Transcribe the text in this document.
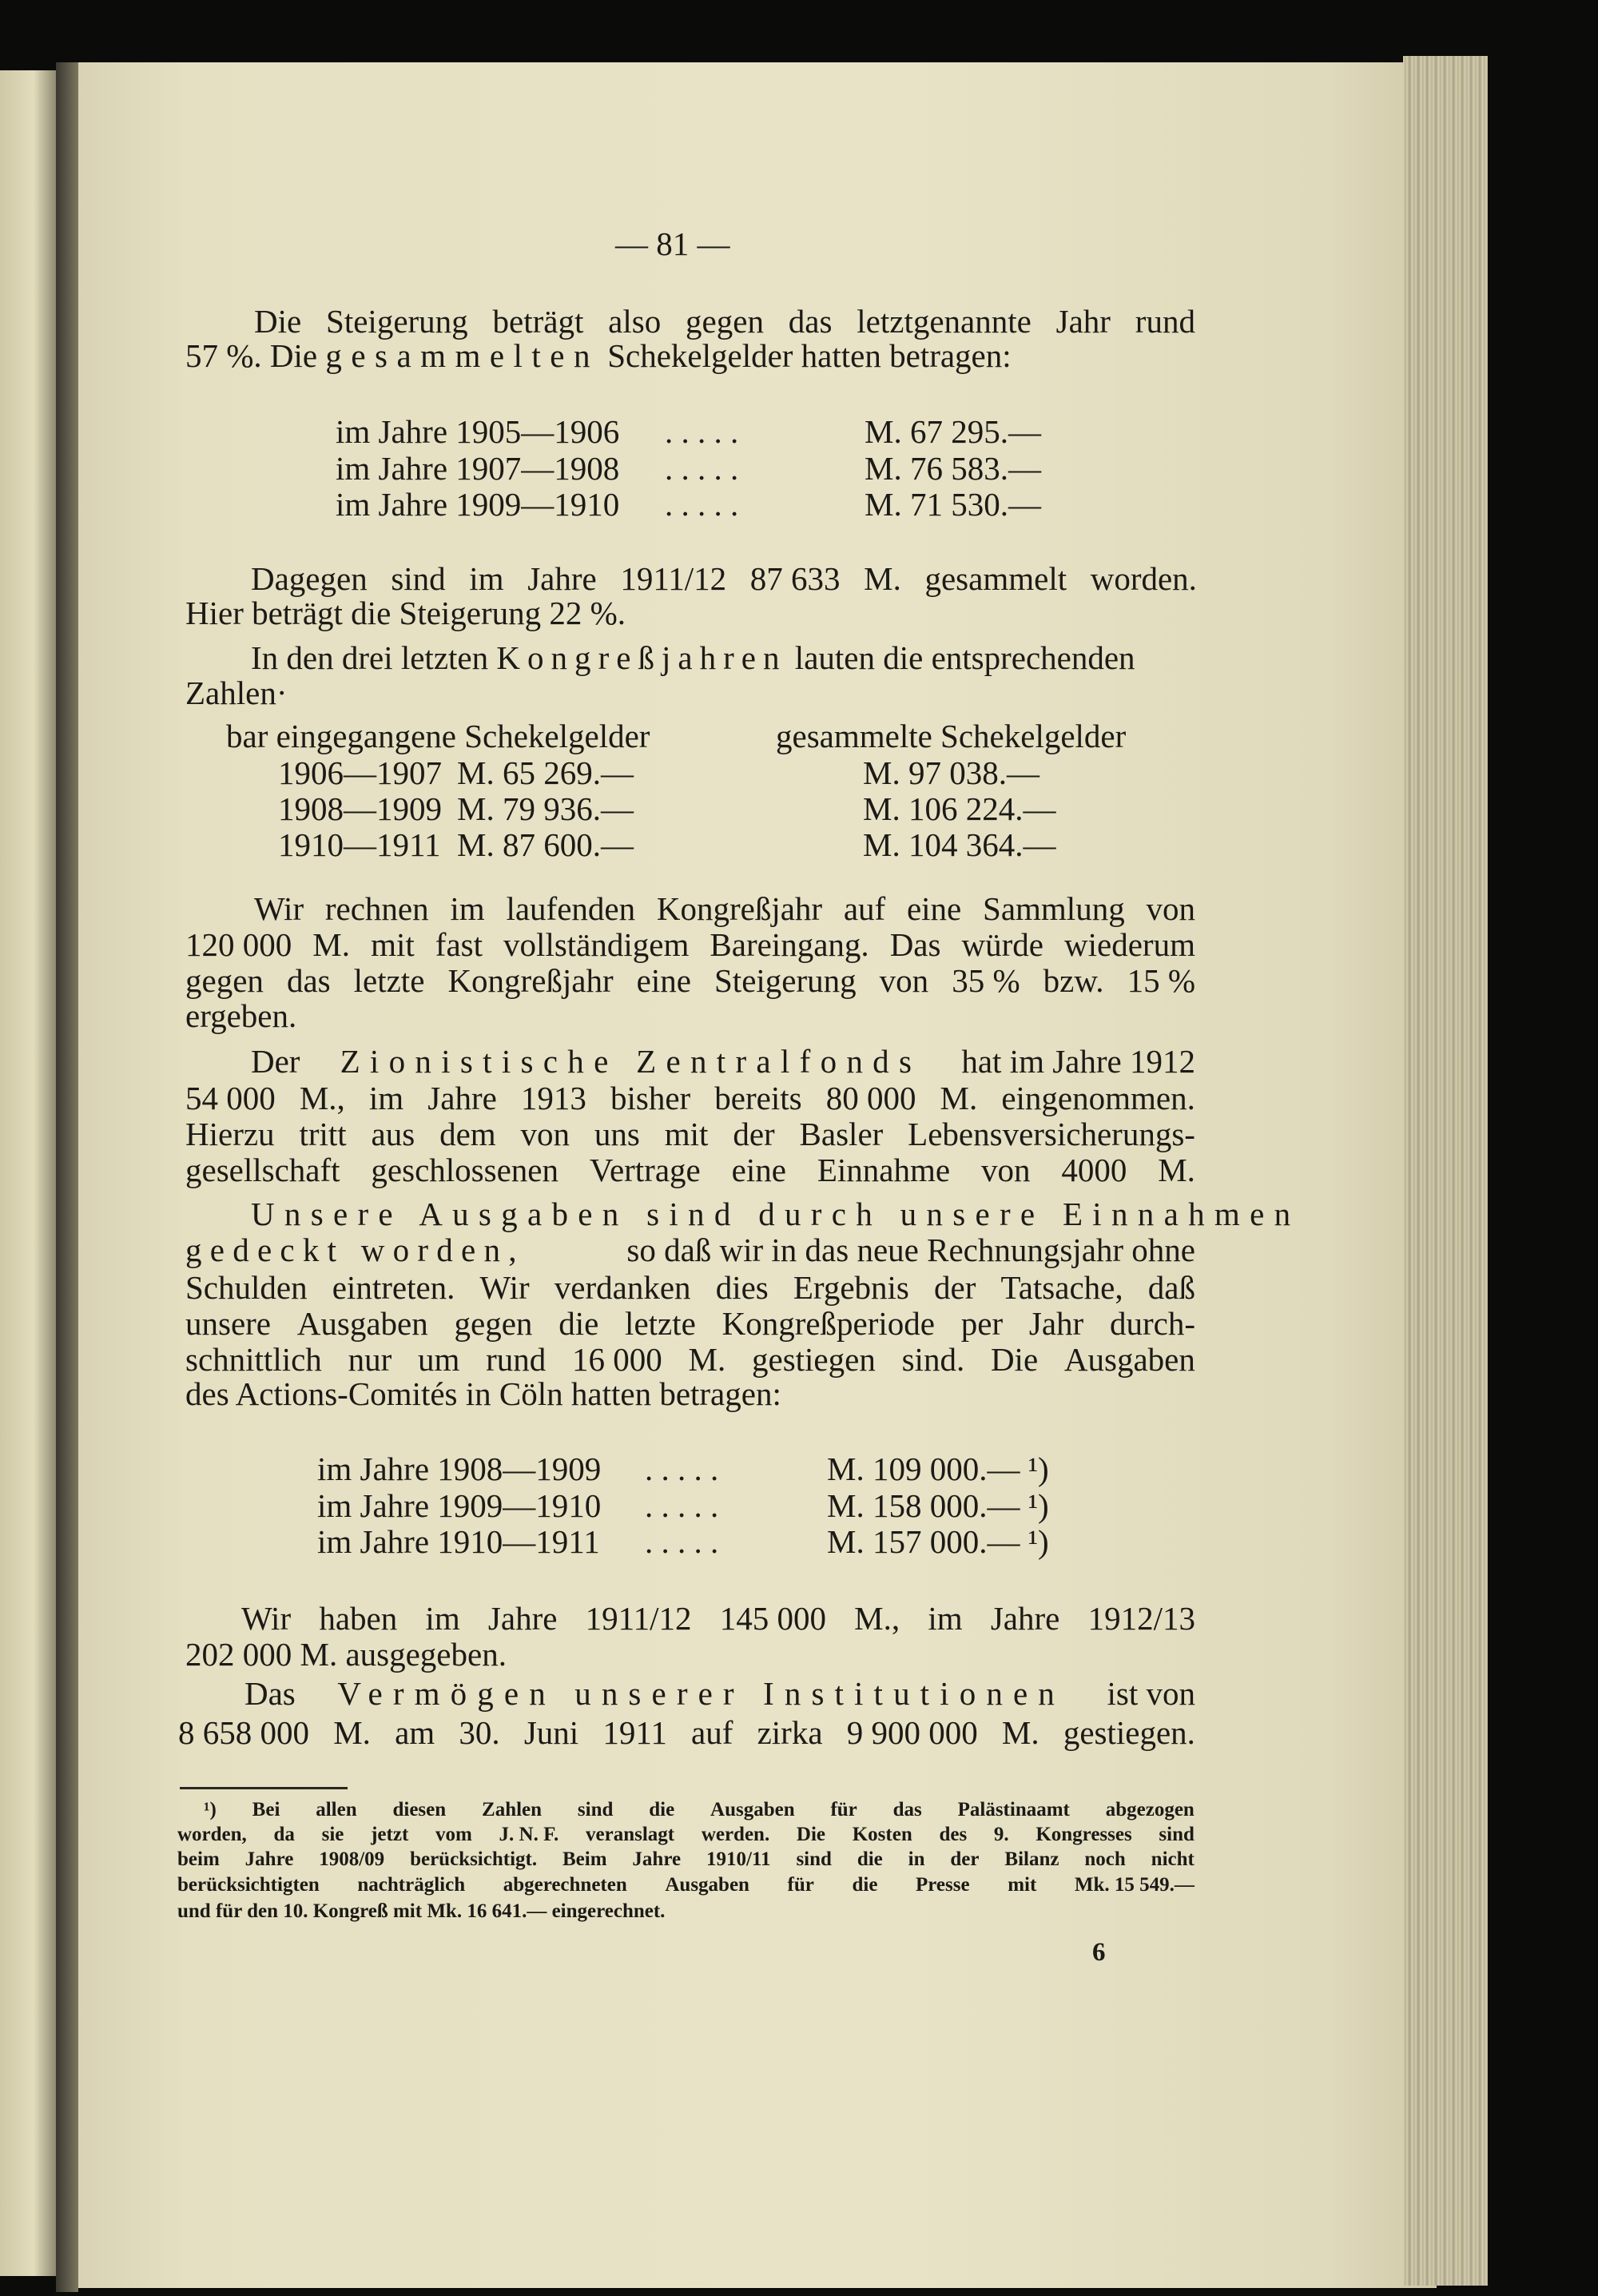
— 81 —
Die Steigerung beträgt also gegen das letztgenannte Jahr rund
57 %. Die gesammelten Schekelgelder hatten betragen:
im Jahre 1905—1906 . . . . .	M. 67 295.—
im Jahre 1907—1908 . . . . .	M. 76 583.—
im Jahre 1909—1910 . . . . .	M. 71 530.—
Dagegen sind im Jahre 1911/12 87 633 M. gesammelt worden.
Hier beträgt die Steigerung 22 %.
In den drei letzten Kongreßjahren lauten die entsprechenden
Zahlen·
bar eingegangene Schekelgelder	gesammelte Schekelgelder
1906—1907 M. 65 269.—	M. 97 038.—
1908—1909 M. 79 936.—	M. 106 224.—
1910—1911 M. 87 600.—	M. 104 364.—
Wir rechnen im laufenden Kongreßjahr auf eine Sammlung von
120 000 M. mit fast vollständigem Bareingang. Das würde wiederum
gegen das letzte Kongreßjahr eine Steigerung von 35 % bzw. 15 %
ergeben.
Der Zionistische Zentralfonds hat im Jahre 1912
54 000 M., im Jahre 1913 bisher bereits 80 000 M. eingenommen.
Hierzu tritt aus dem von uns mit der Basler Lebensversicherungs-
gesellschaft geschlossenen Vertrage eine Einnahme von 4000 M.
Unsere Ausgaben sind durch unsere Einnahmen
gedeckt worden,	so daß wir in das neue Rechnungsjahr ohne
Schulden eintreten. Wir verdanken dies Ergebnis der Tatsache, daß
unsere Ausgaben gegen die letzte Kongreßperiode per Jahr durch-
schnittlich nur um rund 16 000 M. gestiegen sind. Die Ausgaben
des Actions-Comités in Cöln hatten betragen:
im Jahre 1908—1909 . . . . .	M. 109 000.— ¹)
im Jahre 1909—1910 . . . . .	M. 158 000.— ¹)
im Jahre 1910—1911 . . . . .	M. 157 000.— ¹)
Wir haben im Jahre 1911/12 145 000 M., im Jahre 1912/13
202 000 M. ausgegeben.
Das Vermögen unserer Institutionen ist von
8 658 000 M. am 30. Juni 1911 auf zirka 9 900 000 M. gestiegen.
¹) Bei allen diesen Zahlen sind die Ausgaben für das Palästinaamt abgezogen
worden, da sie jetzt vom J. N. F. veranslagt werden. Die Kosten des 9. Kongresses sind
beim Jahre 1908/09 berücksichtigt. Beim Jahre 1910/11 sind die in der Bilanz noch nicht
berücksichtigten nachträglich abgerechneten Ausgaben für die Presse mit Mk. 15 549.—
und für den 10. Kongreß mit Mk. 16 641.— eingerechnet.
6
